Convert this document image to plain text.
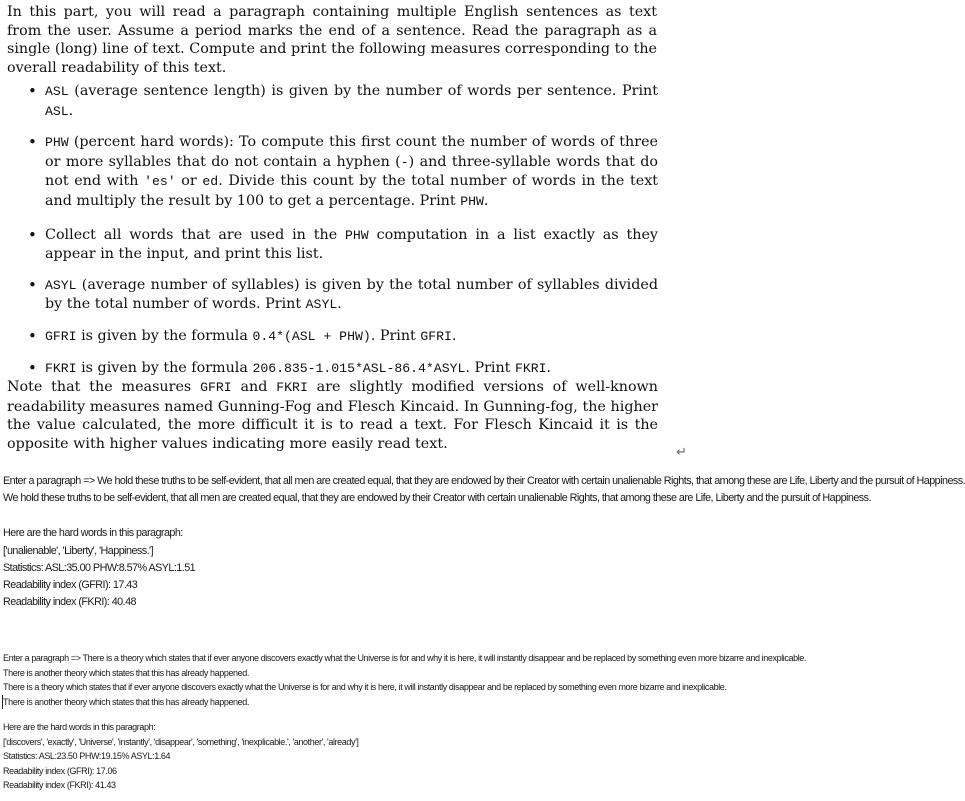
In this part, you will read a paragraph containing multiple English sentences as text from the user. Assume a period marks the end of a sentence. Read the paragraph as a single (long) line of text. Compute and print the following measures corresponding to the overall readability of this text.
• ASL (average sentence length) is given by the number of words per sentence. Print ASL.
• PHW (percent hard words): To compute this first count the number of words of three or more syllables that do not contain a hyphen (-) and three-syllable words that do not end with 'es' or ed. Divide this count by the total number of words in the text and multiply the result by 100 to get a percentage. Print PHW.
• Collect all words that are used in the PHW computation in a list exactly as they appear in the input, and print this list.
• ASYL (average number of syllables) is given by the total number of syllables divided by the total number of words. Print ASYL.
• GFRI is given by the formula 0.4*(ASL + PHW). Print GFRI.
• FKRI is given by the formula 206.835-1.015*ASL-86.4*ASYL. Print FKRI.
Note that the measures GFRI and FKRI are slightly modified versions of well-known readability measures named Gunning-Fog and Flesch Kincaid. In Gunning-fog, the higher the value calculated, the more difficult it is to read a text. For Flesch Kincaid it is the opposite with higher values indicating more easily read text.	↵
Enter a paragraph => We hold these truths to be self-evident, that all men are created equal, that they are endowed by their Creator with certain unalienable Rights, that among these are Life, Liberty and the pursuit of Happiness.
We hold these truths to be self-evident, that all men are created equal, that they are endowed by their Creator with certain unalienable Rights, that among these are Life, Liberty and the pursuit of Happiness.
Here are the hard words in this paragraph:
['unalienable', 'Liberty', 'Happiness.']
Statistics: ASL:35.00 PHW:8.57% ASYL:1.51
Readability index (GFRI): 17.43
Readability index (FKRI): 40.48
Enter a paragraph => There is a theory which states that if ever anyone discovers exactly what the Universe is for and why it is here, it will instantly disappear and be replaced by something even more bizarre and inexplicable.
There is another theory which states that this has already happened.
There is a theory which states that if ever anyone discovers exactly what the Universe is for and why it is here, it will instantly disappear and be replaced by something even more bizarre and inexplicable.
There is another theory which states that this has already happened.
Here are the hard words in this paragraph:
['discovers', 'exactly', 'Universe', 'instantly', 'disappear', 'something', 'inexplicable.', 'another', 'already']
Statistics: ASL:23.50 PHW:19.15% ASYL:1.64
Readability index (GFRI): 17.06
Readability index (FKRI): 41.43
